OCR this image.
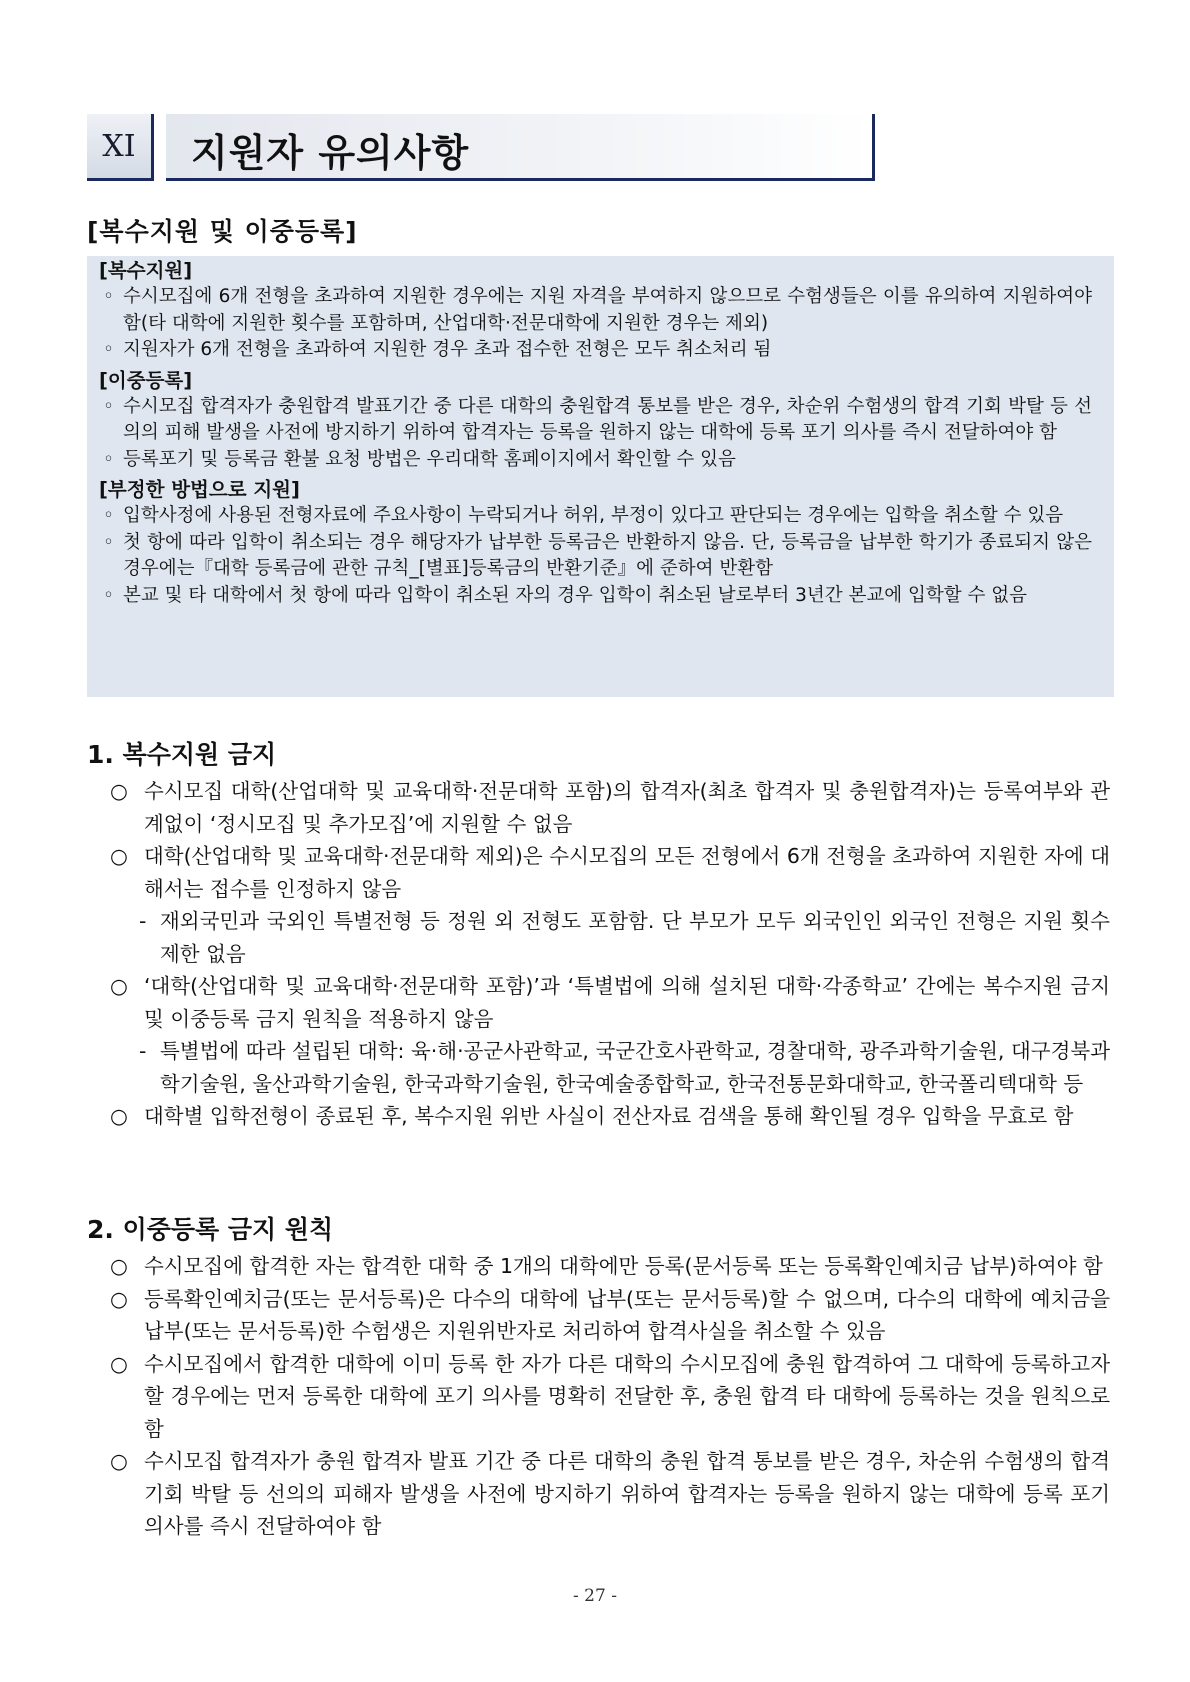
XI	지원자 유의사항
[복수지원 및 이중등록]
[복수지원]
◦ 수시모집에 6개 전형을 초과하여 지원한 경우에는 지원 자격을 부여하지 않으므로 수험생들은 이를 유의하여 지원하여야 함(타 대학에 지원한 횟수를 포함하며, 산업대학·전문대학에 지원한 경우는 제외)
◦ 지원자가 6개 전형을 초과하여 지원한 경우 초과 접수한 전형은 모두 취소처리 됨
[이중등록]
◦ 수시모집 합격자가 충원합격 발표기간 중 다른 대학의 충원합격 통보를 받은 경우, 차순위 수험생의 합격 기회 박탈 등 선의의 피해 발생을 사전에 방지하기 위하여 합격자는 등록을 원하지 않는 대학에 등록 포기 의사를 즉시 전달하여야 함
◦ 등록포기 및 등록금 환불 요청 방법은 우리대학 홈페이지에서 확인할 수 있음
[부정한 방법으로 지원]
◦ 입학사정에 사용된 전형자료에 주요사항이 누락되거나 허위, 부정이 있다고 판단되는 경우에는 입학을 취소할 수 있음
◦ 첫 항에 따라 입학이 취소되는 경우 해당자가 납부한 등록금은 반환하지 않음. 단, 등록금을 납부한 학기가 종료되지 않은 경우에는『대학 등록금에 관한 규칙_[별표]등록금의 반환기준』에 준하여 반환함
◦ 본교 및 타 대학에서 첫 항에 따라 입학이 취소된 자의 경우 입학이 취소된 날로부터 3년간 본교에 입학할 수 없음
1. 복수지원 금지
○ 수시모집 대학(산업대학 및 교육대학·전문대학 포함)의 합격자(최초 합격자 및 충원합격자)는 등록여부와 관계없이 ‘정시모집 및 추가모집’에 지원할 수 없음
○ 대학(산업대학 및 교육대학·전문대학 제외)은 수시모집의 모든 전형에서 6개 전형을 초과하여 지원한 자에 대해서는 접수를 인정하지 않음
- 재외국민과 국외인 특별전형 등 정원 외 전형도 포함함. 단 부모가 모두 외국인인 외국인 전형은 지원 횟수 제한 없음
○ ‘대학(산업대학 및 교육대학·전문대학 포함)’과 ‘특별법에 의해 설치된 대학·각종학교’ 간에는 복수지원 금지 및 이중등록 금지 원칙을 적용하지 않음
- 특별법에 따라 설립된 대학: 육·해·공군사관학교, 국군간호사관학교, 경찰대학, 광주과학기술원, 대구경북과학기술원, 울산과학기술원, 한국과학기술원, 한국예술종합학교, 한국전통문화대학교, 한국폴리텍대학 등
○ 대학별 입학전형이 종료된 후, 복수지원 위반 사실이 전산자료 검색을 통해 확인될 경우 입학을 무효로 함
2. 이중등록 금지 원칙
○ 수시모집에 합격한 자는 합격한 대학 중 1개의 대학에만 등록(문서등록 또는 등록확인예치금 납부)하여야 함
○ 등록확인예치금(또는 문서등록)은 다수의 대학에 납부(또는 문서등록)할 수 없으며, 다수의 대학에 예치금을 납부(또는 문서등록)한 수험생은 지원위반자로 처리하여 합격사실을 취소할 수 있음
○ 수시모집에서 합격한 대학에 이미 등록 한 자가 다른 대학의 수시모집에 충원 합격하여 그 대학에 등록하고자 할 경우에는 먼저 등록한 대학에 포기 의사를 명확히 전달한 후, 충원 합격 타 대학에 등록하는 것을 원칙으로 함
○ 수시모집 합격자가 충원 합격자 발표 기간 중 다른 대학의 충원 합격 통보를 받은 경우, 차순위 수험생의 합격 기회 박탈 등 선의의 피해자 발생을 사전에 방지하기 위하여 합격자는 등록을 원하지 않는 대학에 등록 포기 의사를 즉시 전달하여야 함
- 27 -
